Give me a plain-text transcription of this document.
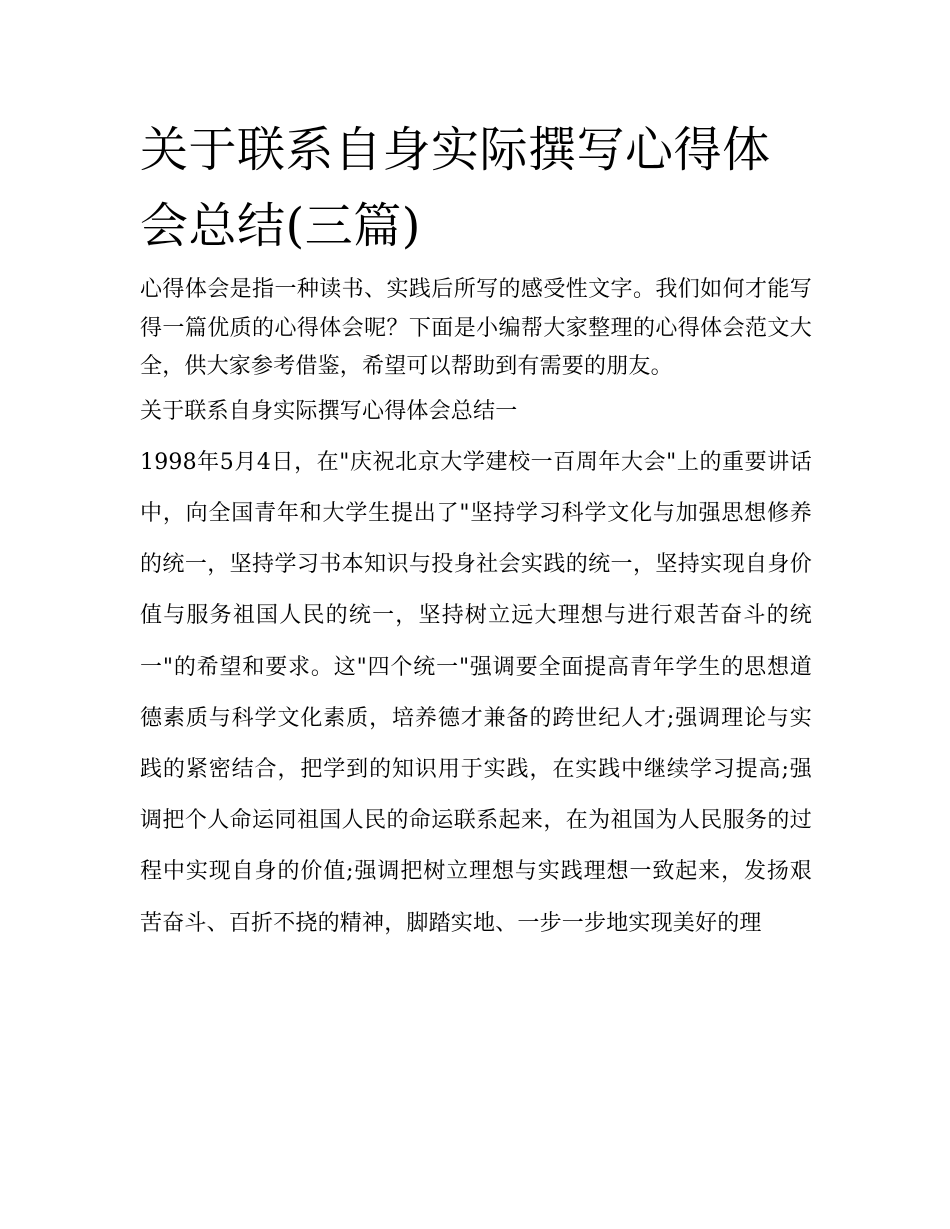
关于联系自身实际撰写心得体会总结(三篇)

心得体会是指一种读书、实践后所写的感受性文字。我们如何才能写得一篇优质的心得体会呢？下面是小编帮大家整理的心得体会范文大全，供大家参考借鉴，希望可以帮助到有需要的朋友。

关于联系自身实际撰写心得体会总结一

1998年5月4日，在"庆祝北京大学建校一百周年大会"上的重要讲话中，向全国青年和大学生提出了"坚持学习科学文化与加强思想修养的统一，坚持学习书本知识与投身社会实践的统一，坚持实现自身价值与服务祖国人民的统一，坚持树立远大理想与进行艰苦奋斗的统一"的希望和要求。这"四个统一"强调要全面提高青年学生的思想道德素质与科学文化素质，培养德才兼备的跨世纪人才;强调理论与实践的紧密结合，把学到的知识用于实践，在实践中继续学习提高;强调把个人命运同祖国人民的命运联系起来，在为祖国为人民服务的过程中实现自身的价值;强调把树立理想与实践理想一致起来，发扬艰苦奋斗、百折不挠的精神，脚踏实地、一步一步地实现美好的理
